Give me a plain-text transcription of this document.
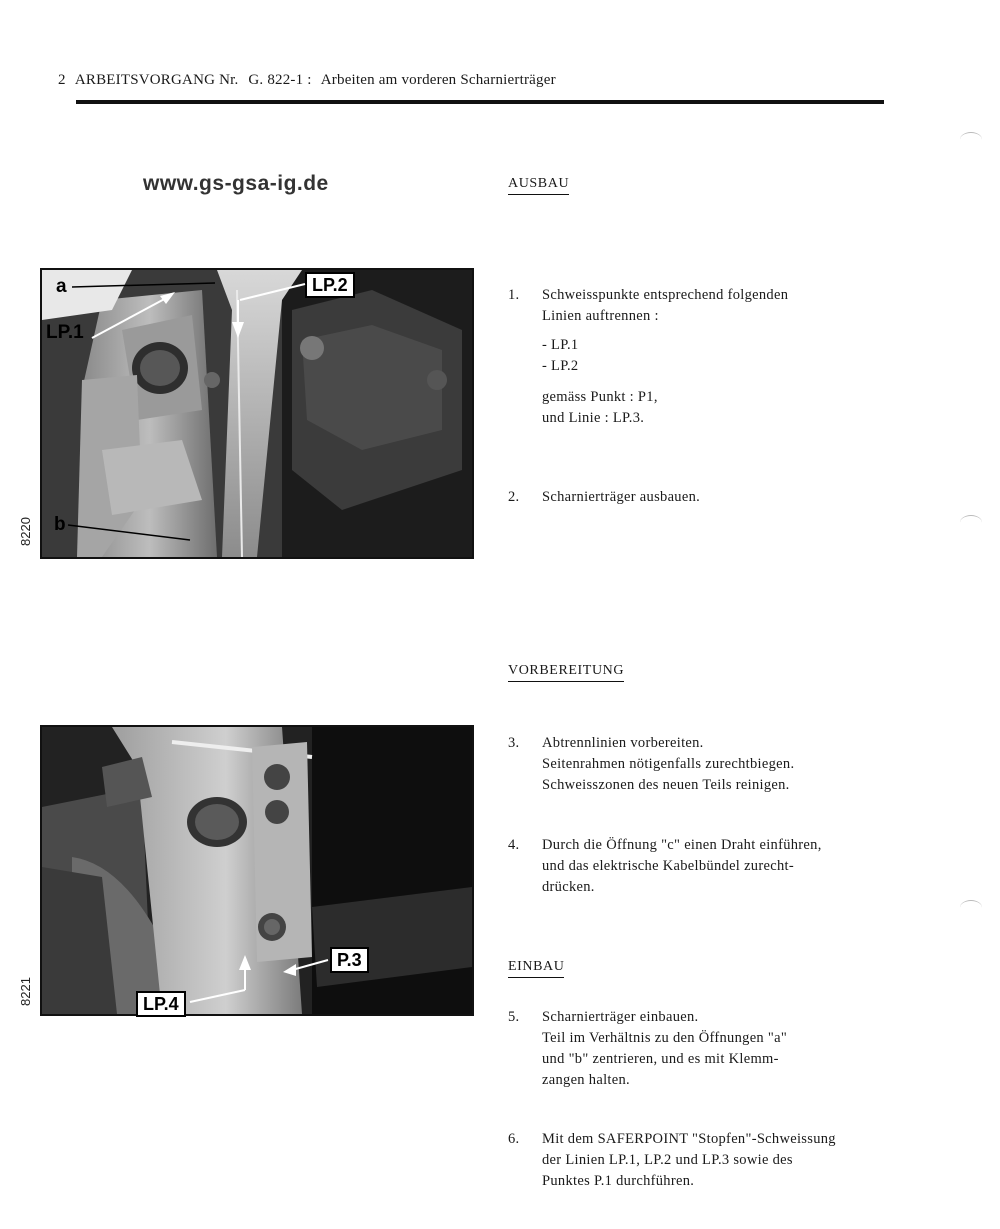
2 ARBEITSVORGANG Nr. G. 822-1 : Arbeiten am vorderen Scharnierträger
www.gs-gsa-ig.de
a
LP.1
LP.2
b
8220
P.3
LP.4
8221
AUSBAU
1.	Schweisspunkte entsprechend folgenden
Linien auftrennen :
- LP.1
- LP.2
gemäss Punkt : P1,
und Linie : LP.3.
2.	Scharnierträger ausbauen.
VORBEREITUNG
3.	Abtrennlinien vorbereiten.
Seitenrahmen nötigenfalls zurechtbiegen.
Schweisszonen des neuen Teils reinigen.
4.	Durch die Öffnung "c" einen Draht einführen,
und das elektrische Kabelbündel zurecht-
drücken.
EINBAU
5.	Scharnierträger einbauen.
Teil im Verhältnis zu den Öffnungen "a"
und "b" zentrieren, und es mit Klemm-
zangen halten.
6.	Mit dem SAFERPOINT "Stopfen"-Schweissung
der Linien LP.1, LP.2 und LP.3 sowie des
Punktes P.1 durchführen.
